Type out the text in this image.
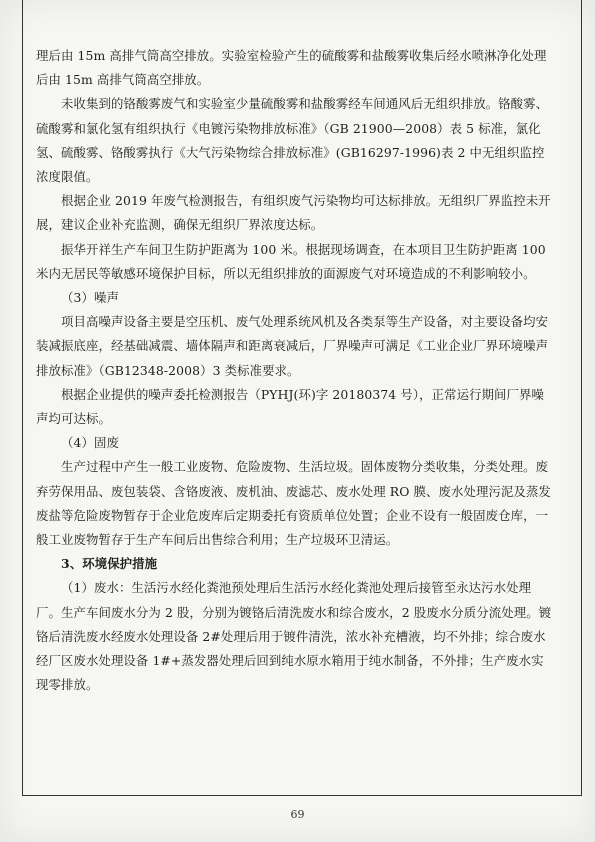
理后由 15m 高排气筒高空排放。实验室检验产生的硫酸雾和盐酸雾收集后经水喷淋净化处理后由 15m 高排气筒高空排放。

未收集到的铬酸雾废气和实验室少量硫酸雾和盐酸雾经车间通风后无组织排放。铬酸雾、硫酸雾和氯化氢有组织执行《电镀污染物排放标准》（GB 21900—2008）表 5 标准，氯化氢、硫酸雾、铬酸雾执行《大气污染物综合排放标准》(GB16297-1996)表 2 中无组织监控浓度限值。

根据企业 2019 年废气检测报告，有组织废气污染物均可达标排放。无组织厂界监控未开展，建议企业补充监测，确保无组织厂界浓度达标。

振华开祥生产车间卫生防护距离为 100 米。根据现场调查，在本项目卫生防护距离 100 米内无居民等敏感环境保护目标，所以无组织排放的面源废气对环境造成的不利影响较小。

（3）噪声

项目高噪声设备主要是空压机、废气处理系统风机及各类泵等生产设备，对主要设备均安装减振底座，经基础减震、墙体隔声和距离衰减后，厂界噪声可满足《工业企业厂界环境噪声排放标准》（GB12348-2008）3 类标准要求。

根据企业提供的噪声委托检测报告（PYHJ(环)字 20180374 号），正常运行期间厂界噪声均可达标。

（4）固废

生产过程中产生一般工业废物、危险废物、生活垃圾。固体废物分类收集，分类处理。废弃劳保用品、废包装袋、含铬废液、废机油、废滤芯、废水处理 RO 膜、废水处理污泥及蒸发废盐等危险废物暂存于企业危废库后定期委托有资质单位处置；企业不设有一般固废仓库，一般工业废物暂存于生产车间后出售综合利用；生产垃圾环卫清运。

3、环境保护措施

（1）废水：生活污水经化粪池预处理后生活污水经化粪池处理后接管至永达污水处理厂。生产车间废水分为 2 股，分别为镀铬后清洗废水和综合废水，2 股废水分质分流处理。镀铬后清洗废水经废水处理设备 2#处理后用于镀件清洗，浓水补充槽液，均不外排；综合废水经厂区废水处理设备 1#+蒸发器处理后回到纯水原水箱用于纯水制备，不外排；生产废水实现零排放。

69
